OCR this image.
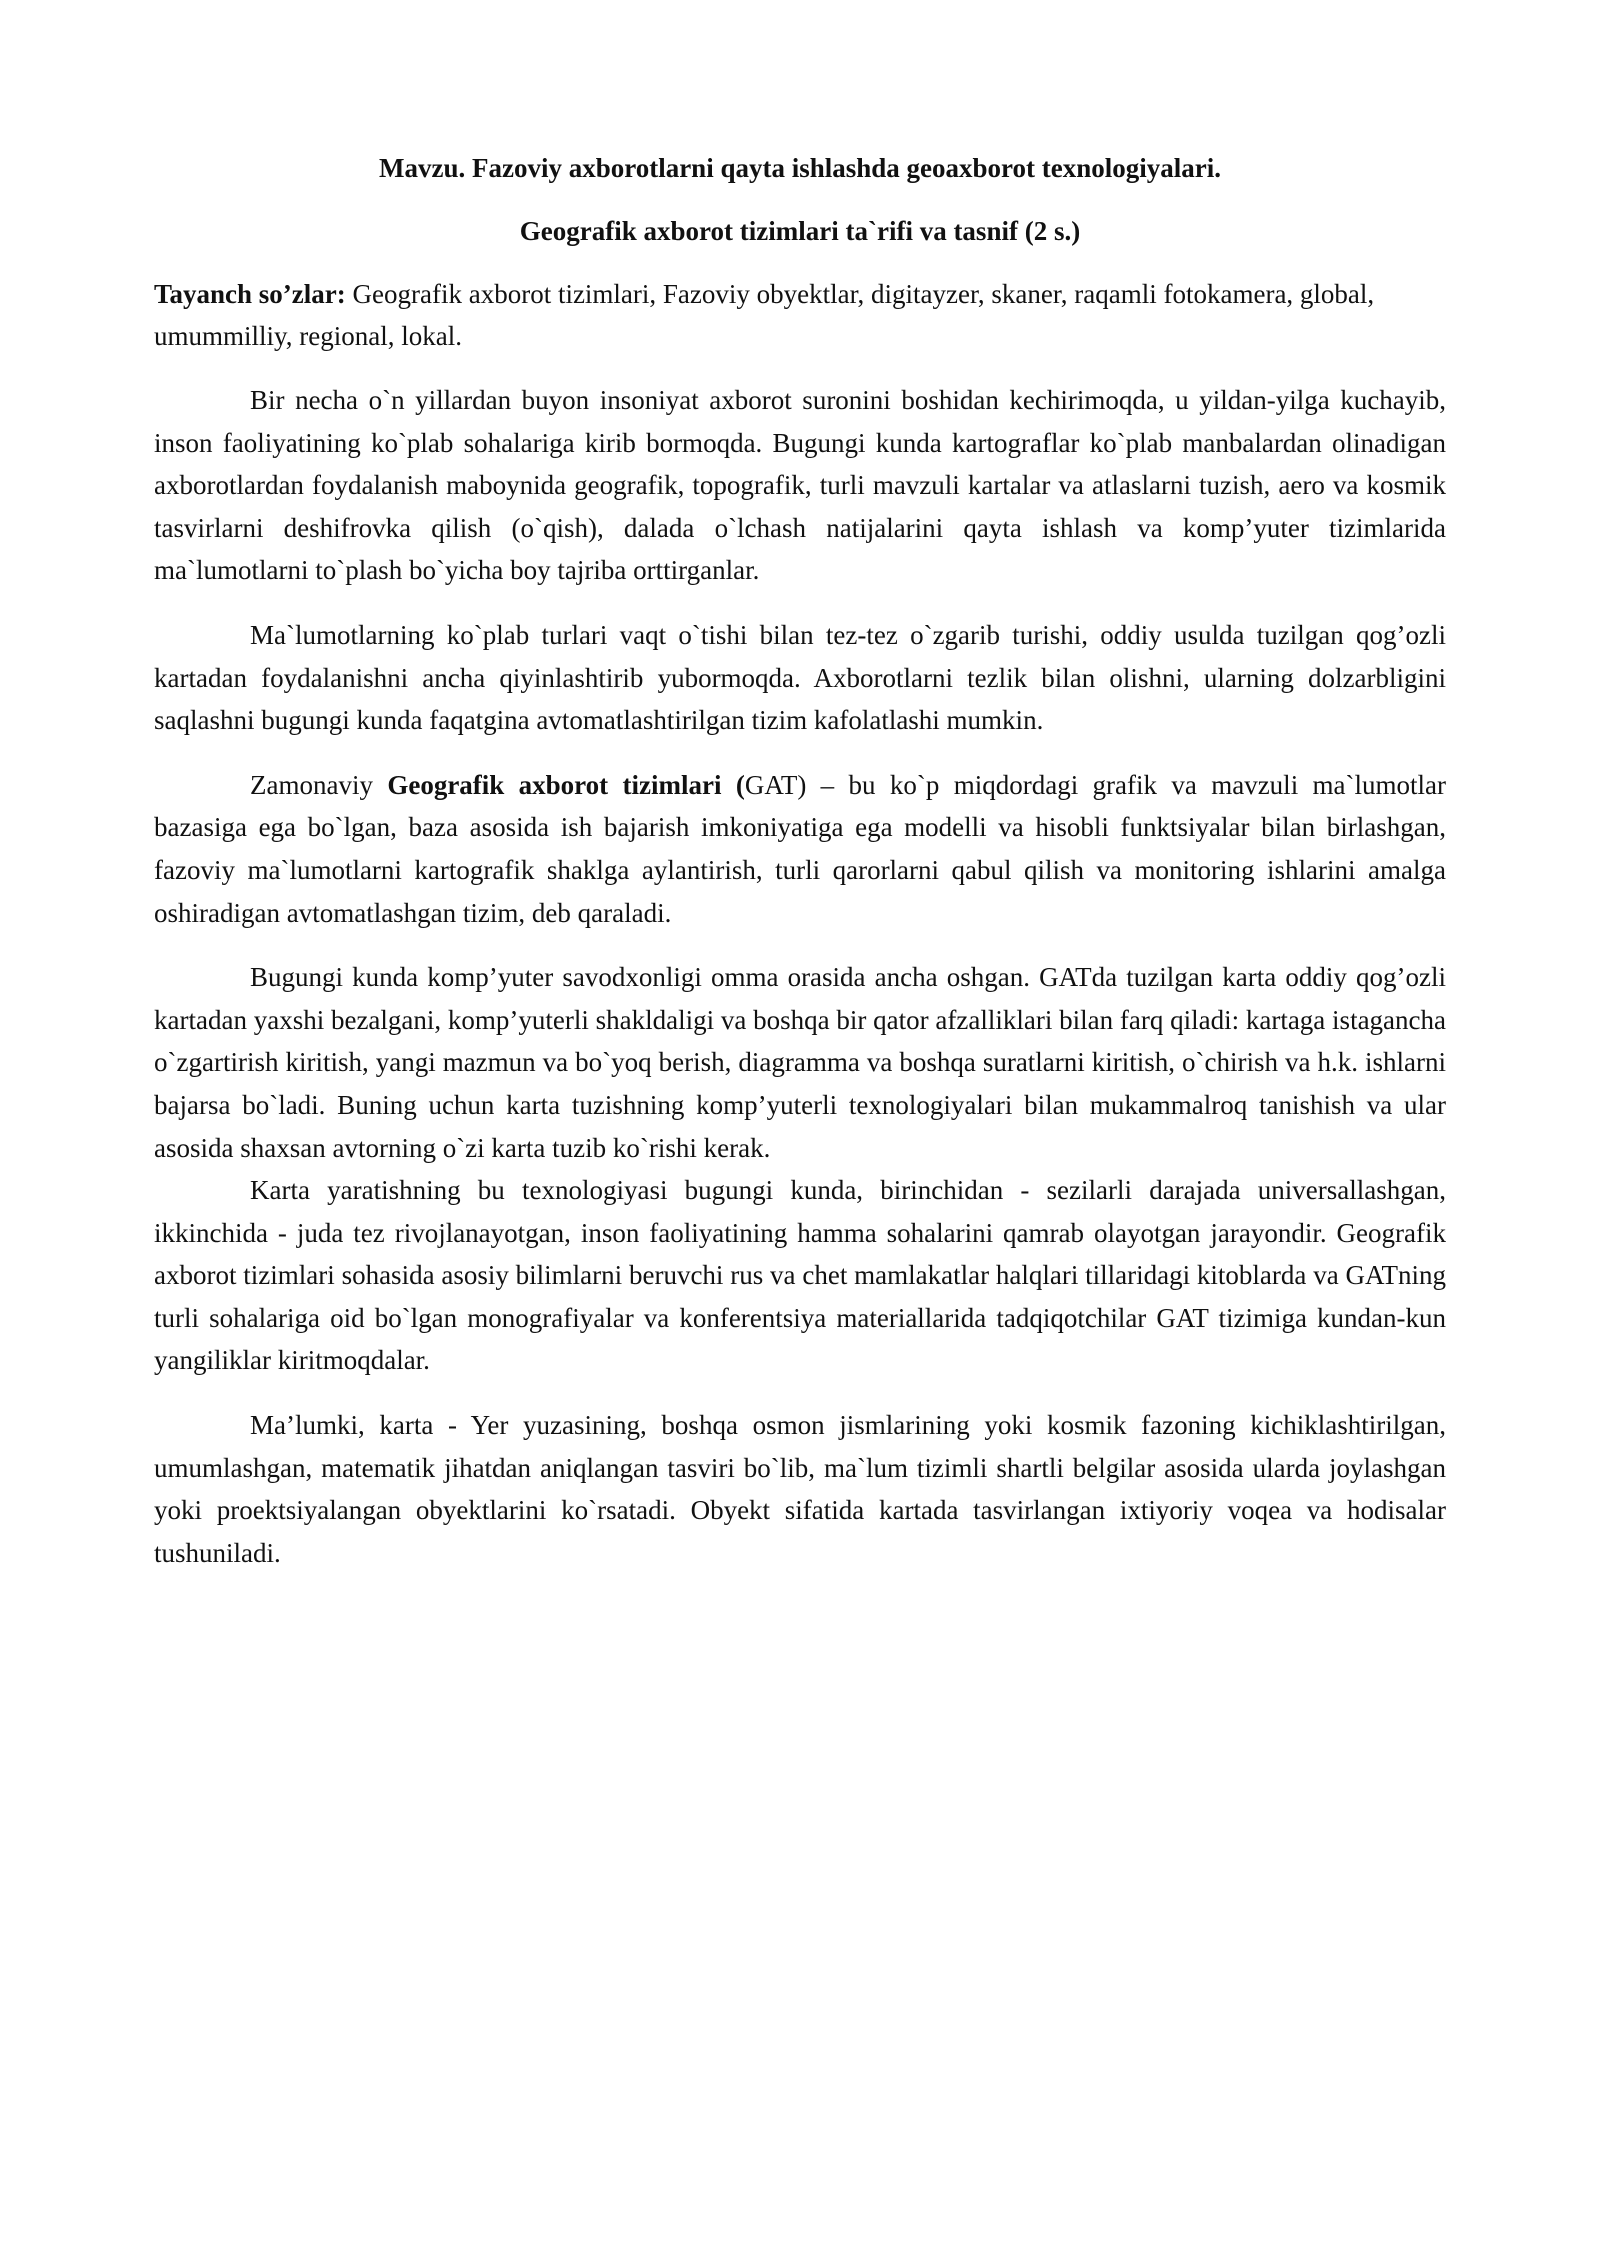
Mavzu. Fazoviy axborotlarni qayta ishlashda geoaxborot texnologiyalari.
Geografik axborot tizimlari ta`rifi va tasnif (2 s.)

Tayanch so’zlar: Geografik axborot tizimlari, Fazoviy obyektlar, digitayzer, skaner, raqamli fotokamera, global, umummilliy, regional, lokal.

Bir necha o`n yillardan buyon insoniyat axborot suronini boshidan kechirimoqda, u yildan-yilga kuchayib, inson faoliyatining ko`plab sohalariga kirib bormoqda. Bugungi kunda kartograflar ko`plab manbalardan olinadigan axborotlardan foydalanish maboynida geografik, topografik, turli mavzuli kartalar va atlaslarni tuzish, aero va kosmik tasvirlarni deshifrovka qilish (o`qish), dalada o`lchash natijalarini qayta ishlash va komp’yuter tizimlarida ma`lumotlarni to`plash bo`yicha boy tajriba orttirganlar.

Ma`lumotlarning ko`plab turlari vaqt o`tishi bilan tez-tez o`zgarib turishi, oddiy usulda tuzilgan qog’ozli kartadan foydalanishni ancha qiyinlashtirib yubormoqda. Axborotlarni tezlik bilan olishni, ularning dolzarbligini saqlashni bugungi kunda faqatgina avtomatlashtirilgan tizim kafolatlashi mumkin.

Zamonaviy Geografik axborot tizimlari (GAT) – bu ko`p miqdordagi grafik va mavzuli ma`lumotlar bazasiga ega bo`lgan, baza asosida ish bajarish imkoniyatiga ega modelli va hisobli funktsiyalar bilan birlashgan, fazoviy ma`lumotlarni kartografik shaklga aylantirish, turli qarorlarni qabul qilish va monitoring ishlarini amalga oshiradigan avtomatlashgan tizim, deb qaraladi.

Bugungi kunda komp’yuter savodxonligi omma orasida ancha oshgan. GATda tuzilgan karta oddiy qog’ozli kartadan yaxshi bezalgani, komp’yuterli shakldaligi va boshqa bir qator afzalliklari bilan farq qiladi: kartaga istagancha o`zgartirish kiritish, yangi mazmun va bo`yoq berish, diagramma va boshqa suratlarni kiritish, o`chirish va h.k. ishlarni bajarsa bo`ladi. Buning uchun karta tuzishning komp’yuterli texnologiyalari bilan mukammalroq tanishish va ular asosida shaxsan avtorning o`zi karta tuzib ko`rishi kerak.

Karta yaratishning bu texnologiyasi bugungi kunda, birinchidan - sezilarli darajada universallashgan, ikkinchida - juda tez rivojlanayotgan, inson faoliyatining hamma sohalarini qamrab olayotgan jarayondir. Geografik axborot tizimlari sohasida asosiy bilimlarni beruvchi rus va chet mamlakatlar halqlari tillaridagi kitoblarda va GATning turli sohalariga oid bo`lgan monografiyalar va konferentsiya materiallarida tadqiqotchilar GAT tizimiga kundan-kun yangiliklar kiritmoqdalar.

Ma’lumki, karta - Yer yuzasining, boshqa osmon jismlarining yoki kosmik fazoning kichiklashtirilgan, umumlashgan, matematik jihatdan aniqlangan tasviri bo`lib, ma`lum tizimli shartli belgilar asosida ularda joylashgan yoki proektsiyalangan obyektlarini ko`rsatadi. Obyekt sifatida kartada tasvirlangan ixtiyoriy voqea va hodisalar tushuniladi.
